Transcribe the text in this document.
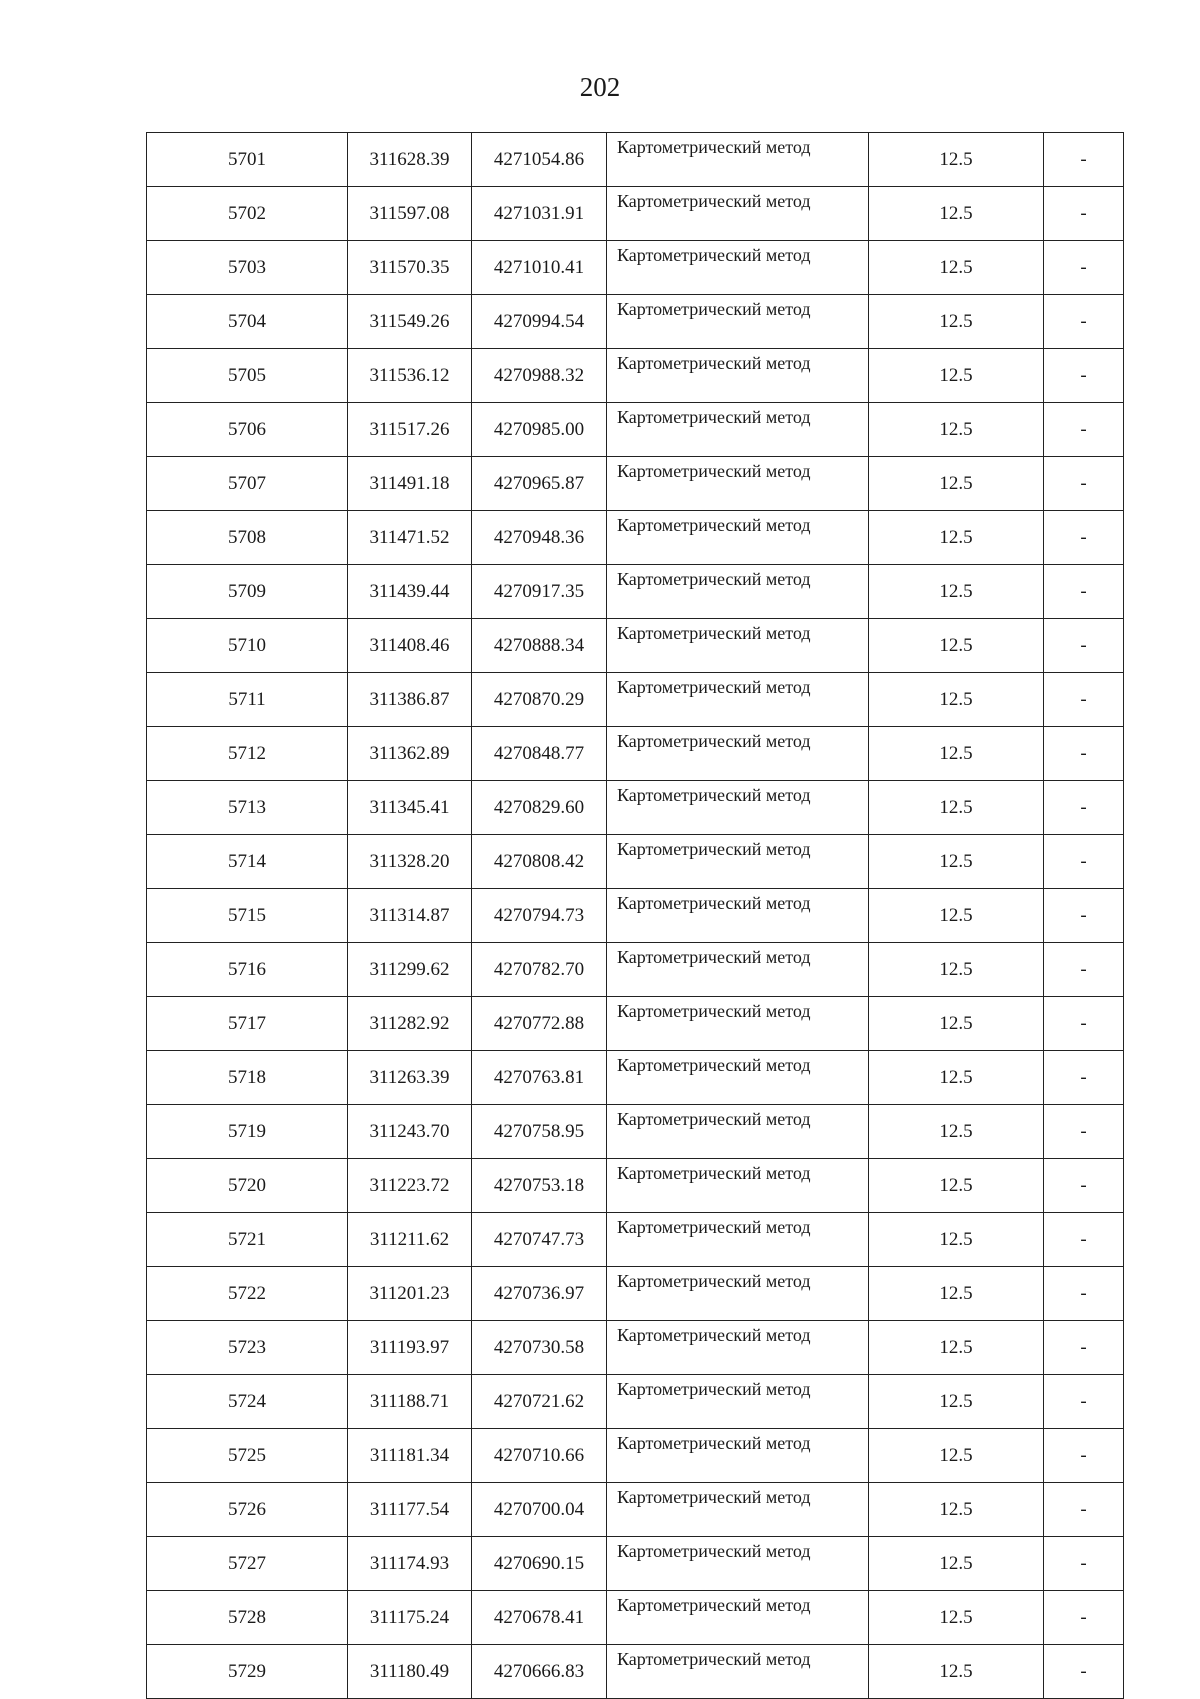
202
5701	311628.39	4271054.86	Картометрический метод	12.5	-
5702	311597.08	4271031.91	Картометрический метод	12.5	-
5703	311570.35	4271010.41	Картометрический метод	12.5	-
5704	311549.26	4270994.54	Картометрический метод	12.5	-
5705	311536.12	4270988.32	Картометрический метод	12.5	-
5706	311517.26	4270985.00	Картометрический метод	12.5	-
5707	311491.18	4270965.87	Картометрический метод	12.5	-
5708	311471.52	4270948.36	Картометрический метод	12.5	-
5709	311439.44	4270917.35	Картометрический метод	12.5	-
5710	311408.46	4270888.34	Картометрический метод	12.5	-
5711	311386.87	4270870.29	Картометрический метод	12.5	-
5712	311362.89	4270848.77	Картометрический метод	12.5	-
5713	311345.41	4270829.60	Картометрический метод	12.5	-
5714	311328.20	4270808.42	Картометрический метод	12.5	-
5715	311314.87	4270794.73	Картометрический метод	12.5	-
5716	311299.62	4270782.70	Картометрический метод	12.5	-
5717	311282.92	4270772.88	Картометрический метод	12.5	-
5718	311263.39	4270763.81	Картометрический метод	12.5	-
5719	311243.70	4270758.95	Картометрический метод	12.5	-
5720	311223.72	4270753.18	Картометрический метод	12.5	-
5721	311211.62	4270747.73	Картометрический метод	12.5	-
5722	311201.23	4270736.97	Картометрический метод	12.5	-
5723	311193.97	4270730.58	Картометрический метод	12.5	-
5724	311188.71	4270721.62	Картометрический метод	12.5	-
5725	311181.34	4270710.66	Картометрический метод	12.5	-
5726	311177.54	4270700.04	Картометрический метод	12.5	-
5727	311174.93	4270690.15	Картометрический метод	12.5	-
5728	311175.24	4270678.41	Картометрический метод	12.5	-
5729	311180.49	4270666.83	Картометрический метод	12.5	-
